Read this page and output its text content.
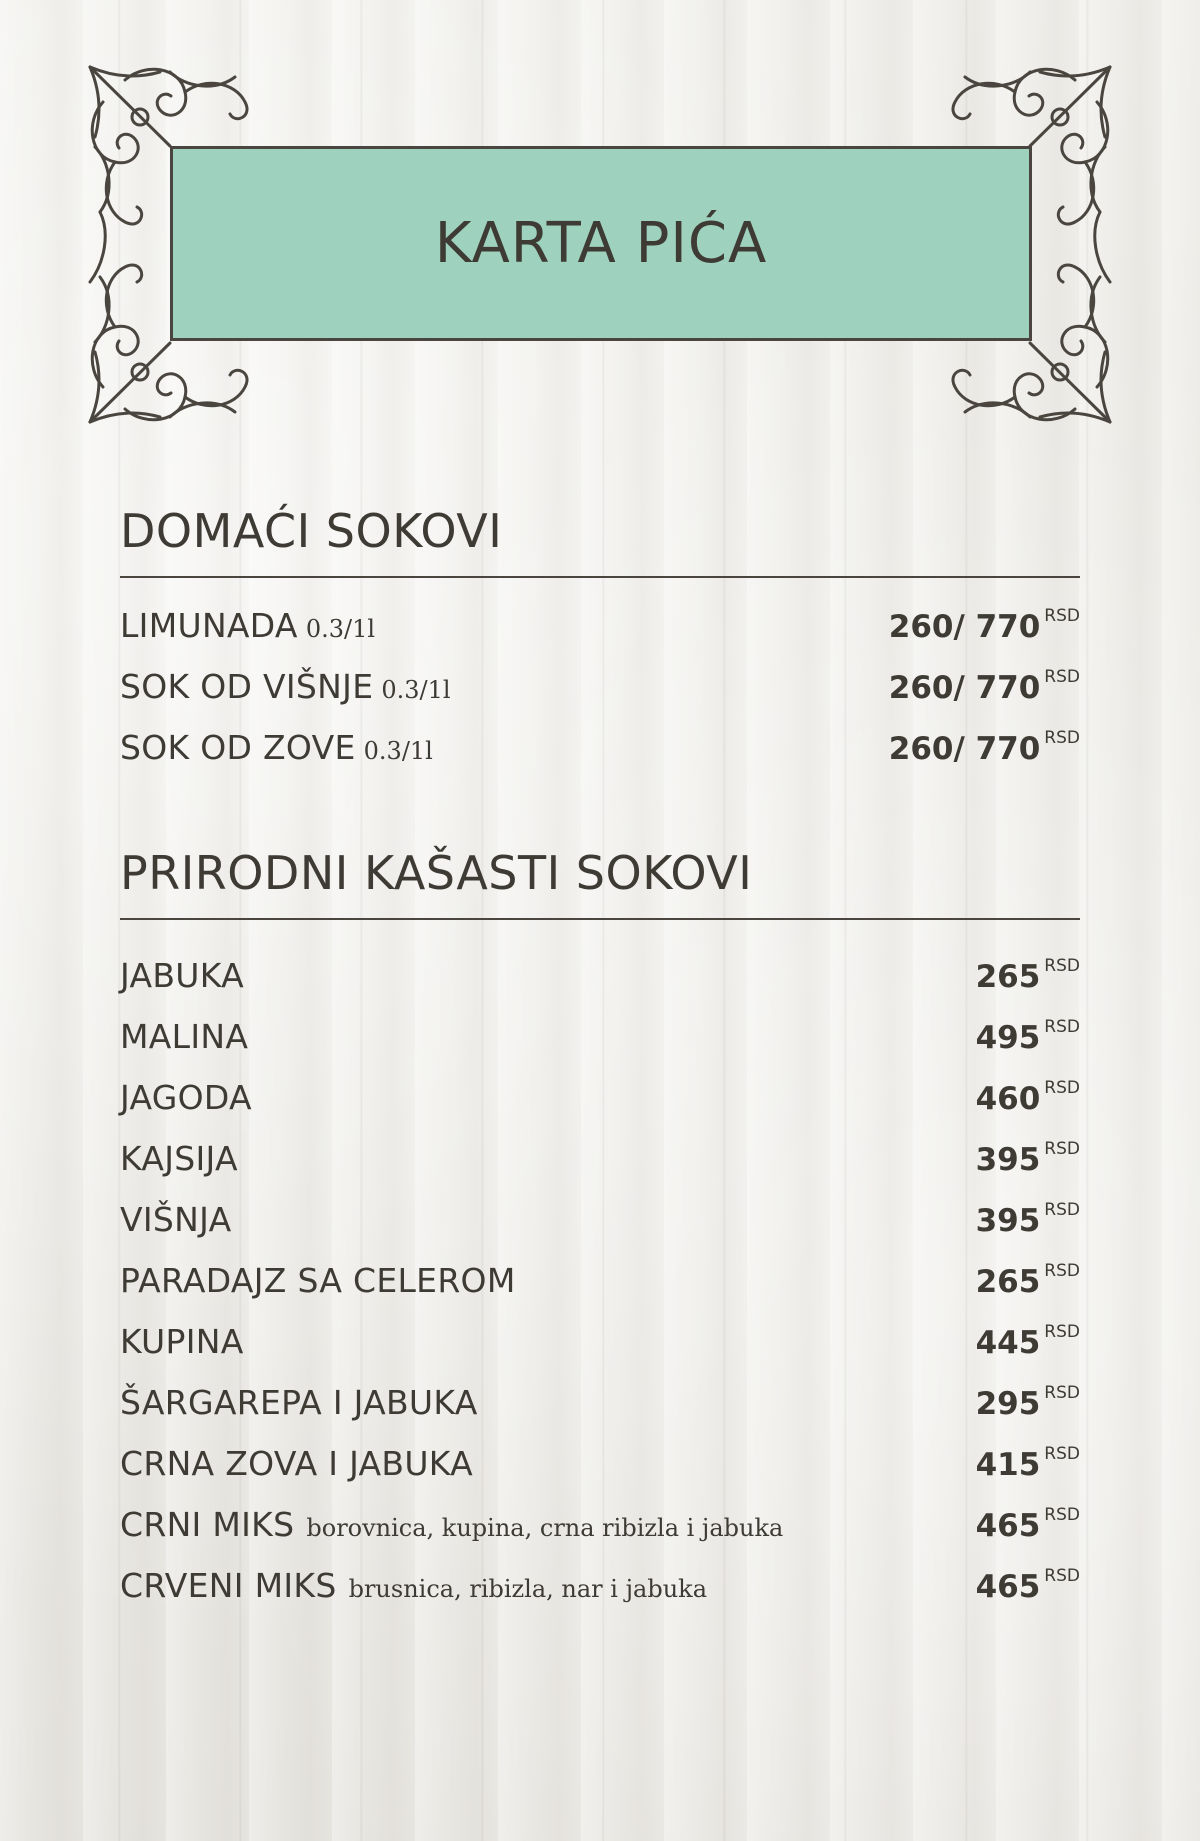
KARTA PIĆA
DOMAĆI SOKOVI
LIMUNADA 0.3/1l	260/ 770 RSD
SOK OD VIŠNJE 0.3/1l	260/ 770 RSD
SOK OD ZOVE 0.3/1l	260/ 770 RSD
PRIRODNI KAŠASTI SOKOVI
JABUKA	265 RSD
MALINA	495 RSD
JAGODA	460 RSD
KAJSIJA	395 RSD
VIŠNJA	395 RSD
PARADAJZ SA CELEROM	265 RSD
KUPINA	445 RSD
ŠARGAREPA I JABUKA	295 RSD
CRNA ZOVA I JABUKA	415 RSD
CRNI MIKS borovnica, kupina, crna ribizla i jabuka	465 RSD
CRVENI MIKS brusnica, ribizla, nar i jabuka	465 RSD
